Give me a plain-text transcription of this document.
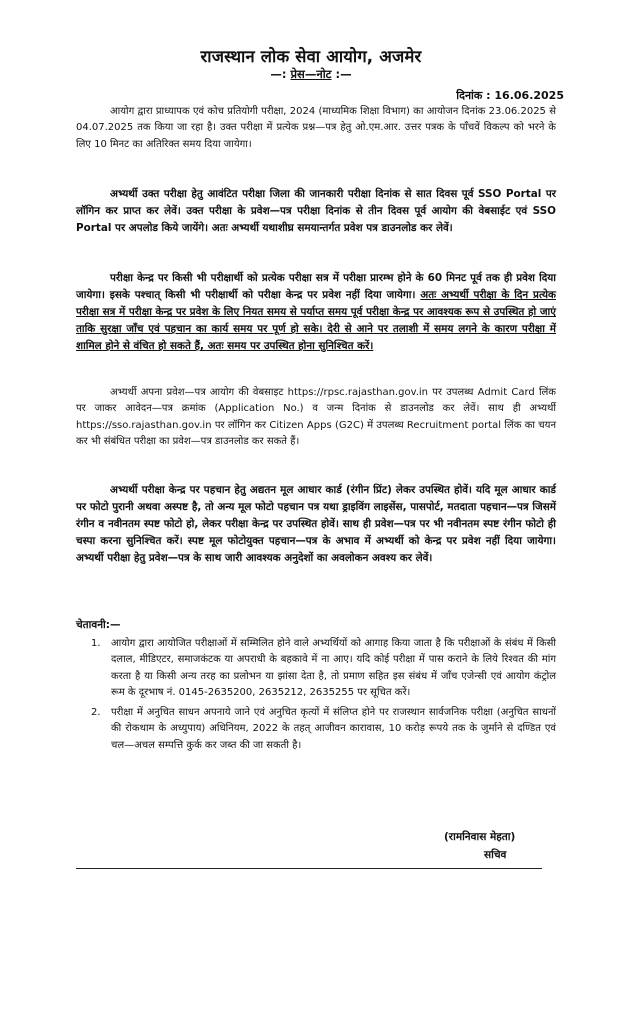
राजस्थान लोक सेवा आयोग, अजमेर
—: प्रेस—नोट :—
दिनांक : 16.06.2025
आयोग द्वारा प्राध्यापक एवं कोच प्रतियोगी परीक्षा, 2024 (माध्यमिक शिक्षा विभाग) का आयोजन दिनांक 23.06.2025 से 04.07.2025 तक किया जा रहा है। उक्त परीक्षा में प्रत्येक प्रश्न—पत्र हेतु ओ.एम.आर. उत्तर पत्रक के पाँचवें विकल्प को भरने के लिए 10 मिनट का अतिरिक्त समय दिया जायेगा।
अभ्यर्थी उक्त परीक्षा हेतु आवंटित परीक्षा जिला की जानकारी परीक्षा दिनांक से सात दिवस पूर्व SSO Portal पर लॉगिन कर प्राप्त कर लेवें। उक्त परीक्षा के प्रवेश—पत्र परीक्षा दिनांक से तीन दिवस पूर्व आयोग की वेबसाईट एवं SSO Portal पर अपलोड किये जायेंगे। अतः अभ्यर्थी यथाशीघ्र समयान्तर्गत प्रवेश पत्र डाउनलोड कर लेवें।
परीक्षा केन्द्र पर किसी भी परीक्षार्थी को प्रत्येक परीक्षा सत्र में परीक्षा प्रारम्भ होने के 60 मिनट पूर्व तक ही प्रवेश दिया जायेगा। इसके पश्चात् किसी भी परीक्षार्थी को परीक्षा केन्द्र पर प्रवेश नहीं दिया जायेगा। अतः अभ्यर्थी परीक्षा के दिन प्रत्येक परीक्षा सत्र में परीक्षा केन्द्र पर प्रवेश के लिए नियत समय से पर्याप्त समय पूर्व परीक्षा केन्द्र पर आवश्यक रूप से उपस्थित हो जाएं ताकि सुरक्षा जाँच एवं पहचान का कार्य समय पर पूर्ण हो सके। देरी से आने पर तलाशी में समय लगने के कारण परीक्षा में शामिल होने से वंचित हो सकते हैं, अतः समय पर उपस्थित होना सुनिश्चित करें।
अभ्यर्थी अपना प्रवेश—पत्र आयोग की वेबसाइट https://rpsc.rajasthan.gov.in पर उपलब्ध Admit Card लिंक पर जाकर आवेदन—पत्र क्रमांक (Application No.) व जन्म दिनांक से डाउनलोड कर लेवें। साथ ही अभ्यर्थी https://sso.rajasthan.gov.in पर लॉगिन कर Citizen Apps (G2C) में उपलब्ध Recruitment portal लिंक का चयन कर भी संबंधित परीक्षा का प्रवेश—पत्र डाउनलोड कर सकते हैं।
अभ्यर्थी परीक्षा केन्द्र पर पहचान हेतु अद्यतन मूल आधार कार्ड (रंगीन प्रिंट) लेकर उपस्थित होवें। यदि मूल आधार कार्ड पर फोटो पुरानी अथवा अस्पष्ट है, तो अन्य मूल फोटो पहचान पत्र यथा ड्राइविंग लाइसेंस, पासपोर्ट, मतदाता पहचान—पत्र जिसमें रंगीन व नवीनतम स्पष्ट फोटो हो, लेकर परीक्षा केन्द्र पर उपस्थित होवें। साथ ही प्रवेश—पत्र पर भी नवीनतम स्पष्ट रंगीन फोटो ही चस्पा करना सुनिश्चित करें। स्पष्ट मूल फोटोयुक्त पहचान—पत्र के अभाव में अभ्यर्थी को केन्द्र पर प्रवेश नहीं दिया जायेगा। अभ्यर्थी परीक्षा हेतु प्रवेश—पत्र के साथ जारी आवश्यक अनुदेशों का अवलोकन अवश्य कर लेवें।
चेतावनी:—
1. आयोग द्वारा आयोजित परीक्षाओं में सम्मिलित होने वाले अभ्यर्थियों को आगाह किया जाता है कि परीक्षाओं के संबंध में किसी दलाल, मीडिएटर, समाजकंटक या अपराधी के बहकावे में ना आए। यदि कोई परीक्षा में पास कराने के लिये रिश्वत की मांग करता है या किसी अन्य तरह का प्रलोभन या झांसा देता है, तो प्रमाण सहित इस संबंध में जाँच एजेन्सी एवं आयोग कंट्रोल रूम के दूरभाष नं. 0145-2635200, 2635212, 2635255 पर सूचित करें।
2. परीक्षा में अनुचित साधन अपनाये जाने एवं अनुचित कृत्यों में संलिप्त होने पर राजस्थान सार्वजनिक परीक्षा (अनुचित साधनों की रोकथाम के अध्युपाय) अधिनियम, 2022 के तहत् आजीवन कारावास, 10 करोड़ रूपये तक के जुर्माने से दण्डित एवं चल—अचल सम्पत्ति कुर्क कर जब्त की जा सकती है।
(रामनिवास मेहता)
सचिव
